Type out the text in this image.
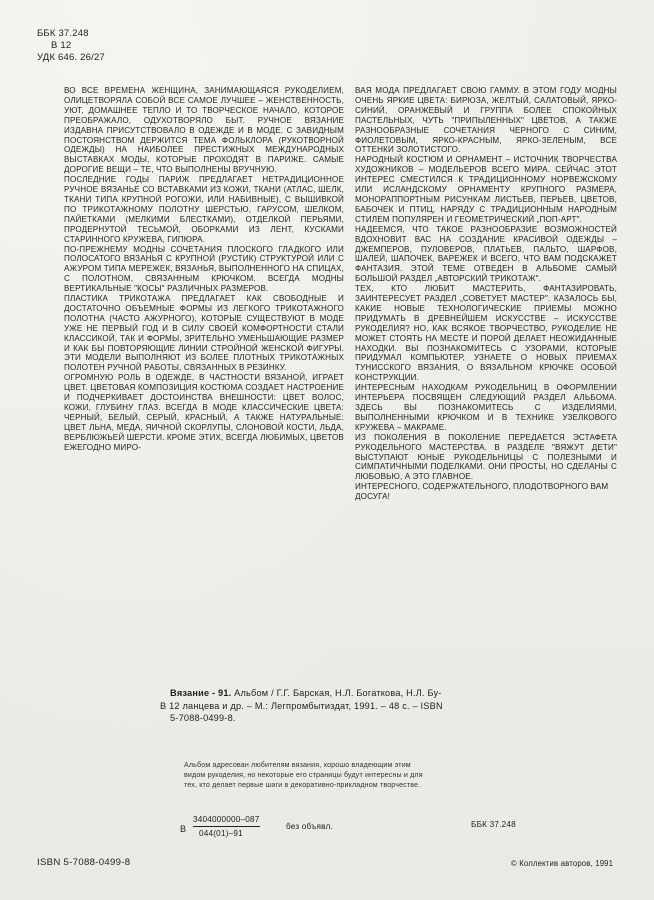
ББК 37.248
В 12
УДК 646. 26/27

ВО ВСЕ ВРЕМЕНА ЖЕНЩИНА, ЗАНИМАЮЩАЯСЯ РУКОДЕЛИЕМ, ОЛИЦЕТВОРЯЛА СОБОЙ ВСЕ САМОЕ ЛУЧШЕЕ – ЖЕНСТВЕННОСТЬ, УЮТ, ДОМАШНЕЕ ТЕПЛО И ТО ТВОРЧЕСКОЕ НАЧАЛО, КОТОРОЕ ПРЕОБРАЖАЛО, ОДУХОТВОРЯЛО БЫТ. РУЧНОЕ ВЯЗАНИЕ ИЗДАВНА ПРИСУТСТВОВАЛО В ОДЕЖДЕ И В МОДЕ. С ЗАВИДНЫМ ПОСТОЯНСТВОМ ДЕРЖИТСЯ ТЕМА ФОЛЬКЛОРА (РУКОТВОРНОЙ ОДЕЖДЫ) НА НАИБОЛЕЕ ПРЕСТИЖНЫХ МЕЖДУНАРОДНЫХ ВЫСТАВКАХ МОДЫ, КОТОРЫЕ ПРОХОДЯТ В ПАРИЖЕ. САМЫЕ ДОРОГИЕ ВЕЩИ – ТЕ, ЧТО ВЫПОЛНЕНЫ ВРУЧНУЮ.

ПОСЛЕДНИЕ ГОДЫ ПАРИЖ ПРЕДЛАГАЕТ НЕТРАДИЦИОННОЕ РУЧНОЕ ВЯЗАНЬЕ СО ВСТАВКАМИ ИЗ КОЖИ, ТКАНИ (АТЛАС, ШЕЛК, ТКАНИ ТИПА КРУПНОЙ РОГОЖИ, ИЛИ НАБИВНЫЕ), С ВЫШИВКОЙ ПО ТРИКОТАЖНОМУ ПОЛОТНУ ШЕРСТЬЮ, ГАРУСОМ, ШЕЛКОМ, ПАЙЕТКАМИ (МЕЛКИМИ БЛЕСТКАМИ), ОТДЕЛКОЙ ПЕРЬЯМИ, ПРОДЕРНУТОЙ ТЕСЬМОЙ, ОБОРКАМИ ИЗ ЛЕНТ, КУСКАМИ СТАРИННОГО КРУЖЕВА, ГИПЮРА.

ПО-ПРЕЖНЕМУ МОДНЫ СОЧЕТАНИЯ ПЛОСКОГО ГЛАДКОГО ИЛИ ПОЛОСАТОГО ВЯЗАНЬЯ С КРУПНОЙ (РУСТИК) СТРУКТУРОЙ ИЛИ С АЖУРОМ ТИПА МЕРЕЖЕК, ВЯЗАНЬЯ, ВЫПОЛНЕННОГО НА СПИЦАХ, С ПОЛОТНОМ, СВЯЗАННЫМ КРЮЧКОМ. ВСЕГДА МОДНЫ ВЕРТИКАЛЬНЫЕ "КОСЫ" РАЗЛИЧНЫХ РАЗМЕРОВ.

ПЛАСТИКА ТРИКОТАЖА ПРЕДЛАГАЕТ КАК СВОБОДНЫЕ И ДОСТАТОЧНО ОБЪЕМНЫЕ ФОРМЫ ИЗ ЛЕГКОГО ТРИКОТАЖНОГО ПОЛОТНА (ЧАСТО АЖУРНОГО), КОТОРЫЕ СУЩЕСТВУЮТ В МОДЕ УЖЕ НЕ ПЕРВЫЙ ГОД И В СИЛУ СВОЕЙ КОМФОРТНОСТИ СТАЛИ КЛАССИКОЙ, ТАК И ФОРМЫ, ЗРИТЕЛЬНО УМЕНЬШАЮЩИЕ РАЗМЕР И КАК БЫ ПОВТОРЯЮЩИЕ ЛИНИИ СТРОЙНОЙ ЖЕНСКОЙ ФИГУРЫ. ЭТИ МОДЕЛИ ВЫПОЛНЯЮТ ИЗ БОЛЕЕ ПЛОТНЫХ ТРИКОТАЖНЫХ ПОЛОТЕН РУЧНОЙ РАБОТЫ, СВЯЗАННЫХ В РЕЗИНКУ.

ОГРОМНУЮ РОЛЬ В ОДЕЖДЕ, В ЧАСТНОСТИ ВЯЗАНОЙ, ИГРАЕТ ЦВЕТ. ЦВЕТОВАЯ КОМПОЗИЦИЯ КОСТЮМА СОЗДАЕТ НАСТРОЕНИЕ И ПОДЧЕРКИВАЕТ ДОСТОИНСТВА ВНЕШНОСТИ: ЦВЕТ ВОЛОС, КОЖИ, ГЛУБИНУ ГЛАЗ. ВСЕГДА В МОДЕ КЛАССИЧЕСКИЕ ЦВЕТА: ЧЕРНЫЙ, БЕЛЫЙ, СЕРЫЙ, КРАСНЫЙ, А ТАКЖЕ НАТУРАЛЬНЫЕ: ЦВЕТ ЛЬНА, МЕДА, ЯИЧНОЙ СКОРЛУПЫ, СЛОНОВОЙ КОСТИ, ЛЬДА, ВЕРБЛЮЖЬЕЙ ШЕРСТИ. КРОМЕ ЭТИХ, ВСЕГДА ЛЮБИМЫХ, ЦВЕТОВ ЕЖЕГОДНО МИРО-

ВАЯ МОДА ПРЕДЛАГАЕТ СВОЮ ГАММУ. В ЭТОМ ГОДУ МОДНЫ ОЧЕНЬ ЯРКИЕ ЦВЕТА: БИРЮЗА, ЖЕЛТЫЙ, САЛАТОВЫЙ, ЯРКО-СИНИЙ, ОРАНЖЕВЫЙ И ГРУППА БОЛЕЕ СПОКОЙНЫХ ПАСТЕЛЬНЫХ, ЧУТЬ "ПРИПЫЛЕННЫХ" ЦВЕТОВ, А ТАКЖЕ РАЗНООБРАЗНЫЕ СОЧЕТАНИЯ ЧЕРНОГО С СИНИМ, ФИОЛЕТОВЫМ, ЯРКО-КРАСНЫМ, ЯРКО-ЗЕЛЕНЫМ, ВСЕ ОТТЕНКИ ЗОЛОТИСТОГО.

НАРОДНЫЙ КОСТЮМ И ОРНАМЕНТ – ИСТОЧНИК ТВОРЧЕСТВА ХУДОЖНИКОВ – МОДЕЛЬЕРОВ ВСЕГО МИРА. СЕЙЧАС ЭТОТ ИНТЕРЕС СМЕСТИЛСЯ К ТРАДИЦИОННОМУ НОРВЕЖСКОМУ ИЛИ ИСЛАНДСКОМУ ОРНАМЕНТУ КРУПНОГО РАЗМЕРА, МОНОРАППОРТНЫМ РИСУНКАМ ЛИСТЬЕВ, ПЕРЬЕВ, ЦВЕТОВ, БАБОЧЕК И ПТИЦ, НАРЯДУ С ТРАДИЦИОННЫМ НАРОДНЫМ СТИЛЕМ ПОПУЛЯРЕН И ГЕОМЕТРИЧЕСКИЙ „ПОП-АРТ".

НАДЕЕМСЯ, ЧТО ТАКОЕ РАЗНООБРАЗИЕ ВОЗМОЖНОСТЕЙ ВДОХНОВИТ ВАС НА СОЗДАНИЕ КРАСИВОЙ ОДЕЖДЫ – ДЖЕМПЕРОВ, ПУЛОВЕРОВ, ПЛАТЬЕВ, ПАЛЬТО, ШАРФОВ, ШАЛЕЙ, ШАПОЧЕК, ВАРЕЖЕК И ВСЕГО, ЧТО ВАМ ПОДСКАЖЕТ ФАНТАЗИЯ. ЭТОЙ ТЕМЕ ОТВЕДЕН В АЛЬБОМЕ САМЫЙ БОЛЬШОЙ РАЗДЕЛ „АВТОРСКИЙ ТРИКОТАЖ".

ТЕХ, КТО ЛЮБИТ МАСТЕРИТЬ, ФАНТАЗИРОВАТЬ, ЗАИНТЕРЕСУЕТ РАЗДЕЛ „СОВЕТУЕТ МАСТЕР". КАЗАЛОСЬ БЫ, КАКИЕ НОВЫЕ ТЕХНОЛОГИЧЕСКИЕ ПРИЕМЫ МОЖНО ПРИДУМАТЬ В ДРЕВНЕЙШЕМ ИСКУССТВЕ – ИСКУССТВЕ РУКОДЕЛИЯ? НО, КАК ВСЯКОЕ ТВОРЧЕСТВО, РУКОДЕЛИЕ НЕ МОЖЕТ СТОЯТЬ НА МЕСТЕ И ПОРОЙ ДЕЛАЕТ НЕОЖИДАННЫЕ НАХОДКИ. ВЫ ПОЗНАКОМИТЕСЬ С УЗОРАМИ, КОТОРЫЕ ПРИДУМАЛ КОМПЬЮТЕР, УЗНАЕТЕ О НОВЫХ ПРИЕМАХ ТУНИССКОГО ВЯЗАНИЯ, О ВЯЗАЛЬНОМ КРЮЧКЕ ОСОБОЙ КОНСТРУКЦИИ.

ИНТЕРЕСНЫМ НАХОДКАМ РУКОДЕЛЬНИЦ В ОФОРМЛЕНИИ ИНТЕРЬЕРА ПОСВЯЩЕН СЛЕДУЮЩИЙ РАЗДЕЛ АЛЬБОМА. ЗДЕСЬ ВЫ ПОЗНАКОМИТЕСЬ С ИЗДЕЛИЯМИ, ВЫПОЛНЕННЫМИ КРЮЧКОМ И В ТЕХНИКЕ УЗЕЛКОВОГО КРУЖЕВА – МАКРАМЕ.

ИЗ ПОКОЛЕНИЯ В ПОКОЛЕНИЕ ПЕРЕДАЕТСЯ ЭСТАФЕТА РУКОДЕЛЬНОГО МАСТЕРСТВА. В РАЗДЕЛЕ "ВЯЖУТ ДЕТИ" ВЫСТУПАЮТ ЮНЫЕ РУКОДЕЛЬНИЦЫ С ПОЛЕЗНЫМИ И СИМПАТИЧНЫМИ ПОДЕЛКАМИ. ОНИ ПРОСТЫ, НО СДЕЛАНЫ С ЛЮБОВЬЮ, А ЭТО ГЛАВНОЕ.

ИНТЕРЕСНОГО, СОДЕРЖАТЕЛЬНОГО, ПЛОДОТВОРНОГО ВАМ ДОСУГА!

Вязание - 91. Альбом / Г.Г. Барская, Н.Л. Богаткова, Н.Л. Бу-
В 12 ланцева и др. – М.: Легпромбытиздат, 1991. – 48 с. – ISBN
5-7088-0499-8.
Альбом адресован любителям вязания, хорошо владеющим этим
видом рукоделия, но некоторые его страницы будут интересны и для
тех, кто делает первые шаги в декоративно-прикладном творчестве.
В
3404000000–087
044(01)–91
без объявл.	ББК 37.248
ISBN 5-7088-0499-8	© Коллектив авторов, 1991
